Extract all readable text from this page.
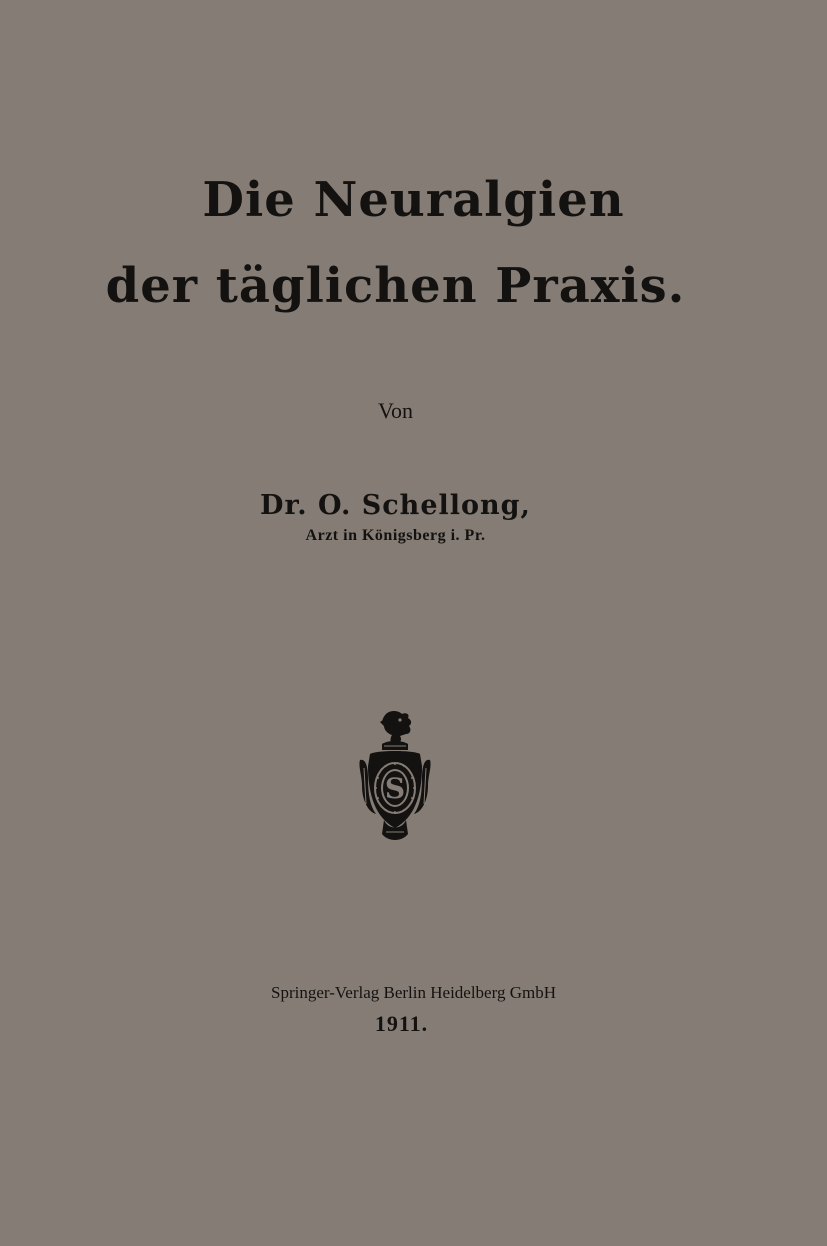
Die Neuralgien
der täglichen Praxis.
Von
Dr. O. Schellong,
Arzt in Königsberg i. Pr.
S
Springer-Verlag Berlin Heidelberg GmbH
1911.
